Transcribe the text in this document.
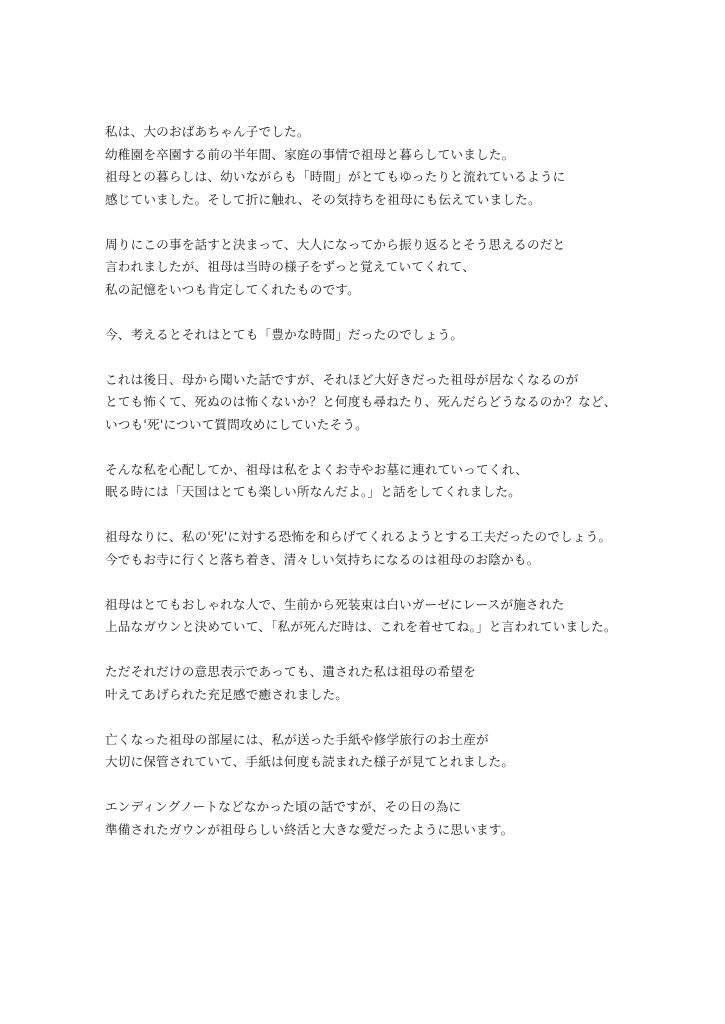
私は、大のおばあちゃん子でした。
幼稚園を卒園する前の半年間、家庭の事情で祖母と暮らしていました。
祖母との暮らしは、幼いながらも「時間」がとてもゆったりと流れているように
感じていました。そして折に触れ、その気持ちを祖母にも伝えていました。

周りにこの事を話すと決まって、大人になってから振り返るとそう思えるのだと
言われましたが、祖母は当時の様子をずっと覚えていてくれて、
私の記憶をいつも肯定してくれたものです。

今、考えるとそれはとても「豊かな時間」だったのでしょう。

これは後日、母から聞いた話ですが、それほど大好きだった祖母が居なくなるのが
とても怖くて、死ぬのは怖くないか？と何度も尋ねたり、死んだらどうなるのか？など、
いつも'死'について質問攻めにしていたそう。

そんな私を心配してか、祖母は私をよくお寺やお墓に連れていってくれ、
眠る時には「天国はとても楽しい所なんだよ。」と話をしてくれました。

祖母なりに、私の'死'に対する恐怖を和らげてくれるようとする工夫だったのでしょう。
今でもお寺に行くと落ち着き、清々しい気持ちになるのは祖母のお陰かも。

祖母はとてもおしゃれな人で、生前から死装束は白いガーゼにレースが施された
上品なガウンと決めていて、「私が死んだ時は、これを着せてね。」と言われていました。

ただそれだけの意思表示であっても、遺された私は祖母の希望を
叶えてあげられた充足感で癒されました。

亡くなった祖母の部屋には、私が送った手紙や修学旅行のお土産が
大切に保管されていて、手紙は何度も読まれた様子が見てとれました。

エンディングノートなどなかった頃の話ですが、その日の為に
準備されたガウンが祖母らしい終活と大きな愛だったように思います。
